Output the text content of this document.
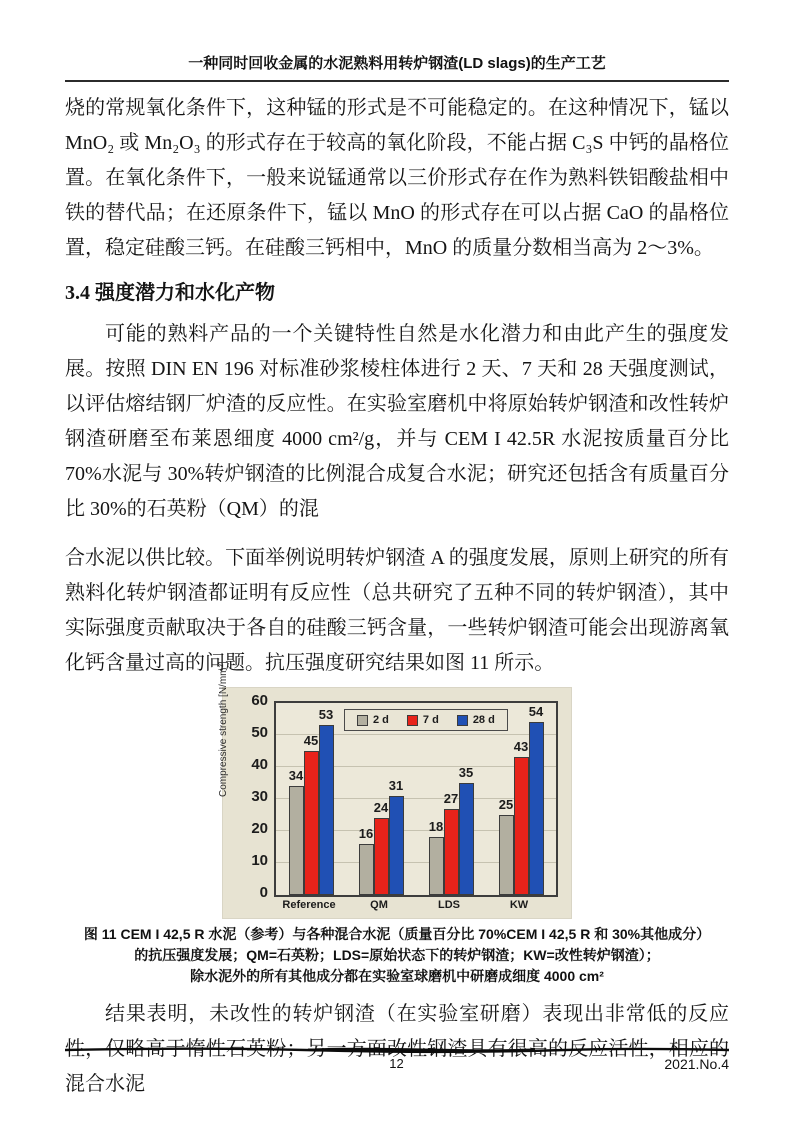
一种同时回收金属的水泥熟料用转炉钢渣(LD slags)的生产工艺

烧的常规氧化条件下，这种锰的形式是不可能稳定的。在这种情况下，锰以 MnO₂ 或 Mn₂O₃ 的形式存在于较高的氧化阶段，不能占据 C₃S 中钙的晶格位置。在氧化条件下，一般来说锰通常以三价形式存在作为熟料铁铝酸盐相中铁的替代品；在还原条件下，锰以 MnO 的形式存在可以占据 CaO 的晶格位置，稳定硅酸三钙。在硅酸三钙相中，MnO 的质量分数相当高为 2～3%。

3.4 强度潜力和水化产物

可能的熟料产品的一个关键特性自然是水化潜力和由此产生的强度发展。按照 DIN EN 196 对标准砂浆棱柱体进行 2 天、7 天和 28 天强度测试，以评估熔结钢厂炉渣的反应性。在实验室磨机中将原始转炉钢渣和改性转炉钢渣研磨至布莱恩细度 4000 cm²/g，并与 CEM I 42.5R 水泥按质量百分比 70%水泥与 30%转炉钢渣的比例混合成复合水泥；研究还包括含有质量百分比 30%的石英粉（QM）的混

合水泥以供比较。下面举例说明转炉钢渣 A 的强度发展，原则上研究的所有熟料化转炉钢渣都证明有反应性（总共研究了五种不同的转炉钢渣），其中实际强度贡献取决于各自的硅酸三钙含量，一些转炉钢渣可能会出现游离氧化钙含量过高的问题。抗压强度研究结果如图 11 所示。

Compressive strength [N/mm²]	2 d	7 d	28 d
34
45
53
16
24
31
18
27
35
25
43
54
0
10
20
30
40
50
60
Reference	QM	LDS	KW
图 11 CEM I 42,5 R 水泥（参考）与各种混合水泥（质量百分比 70%CEM I 42,5 R 和 30%其他成分）
的抗压强度发展；QM=石英粉；LDS=原始状态下的转炉钢渣；KW=改性转炉钢渣）；
除水泥外的所有其他成分都在实验室球磨机中研磨成细度 4000 cm²

结果表明，未改性的转炉钢渣（在实验室研磨）表现出非常低的反应性，仅略高于惰性石英粉；另一方面改性钢渣具有很高的反应活性，相应的混合水泥

12	2021.No.4
